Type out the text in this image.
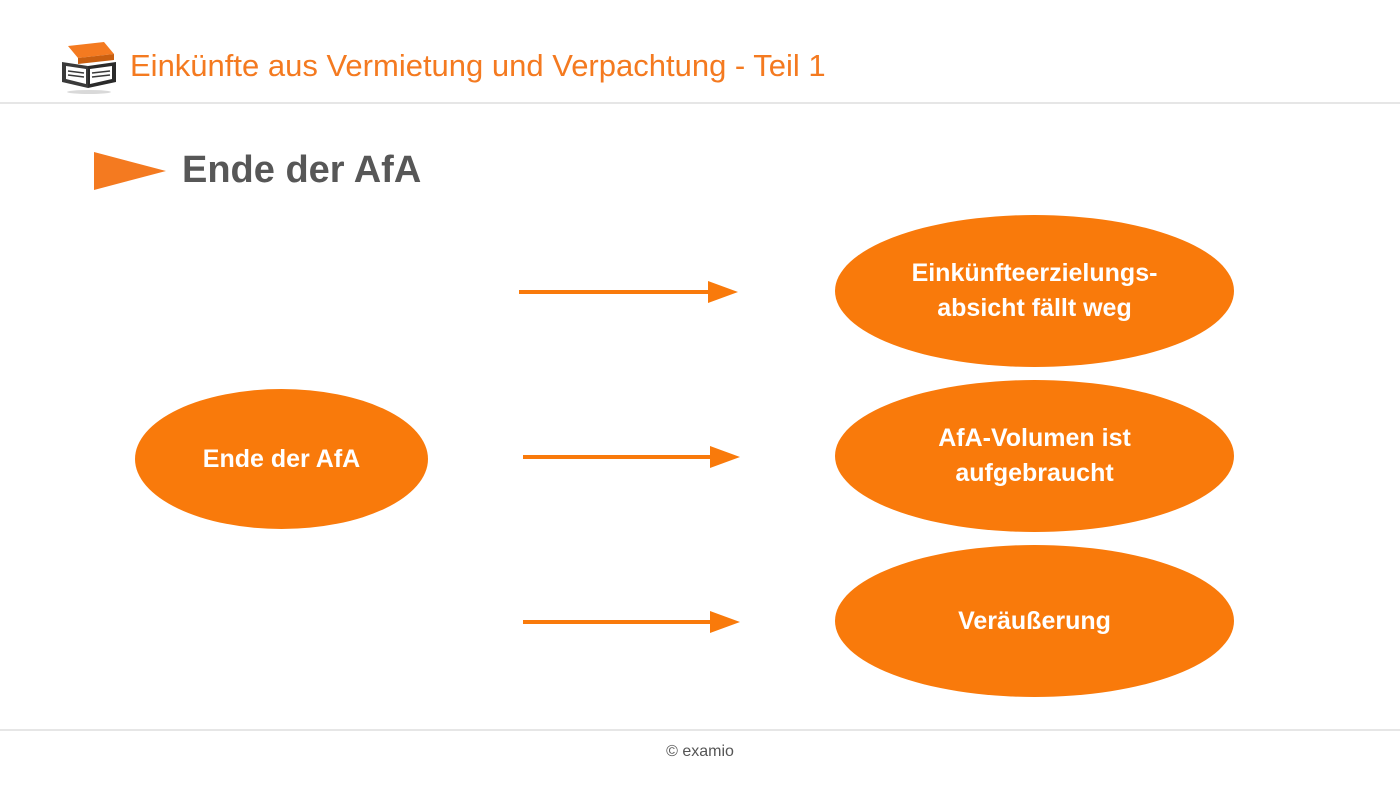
Einkünfte aus Vermietung und Verpachtung - Teil 1
Ende der AfA
Ende der AfA
Einkünfteerzielungs-
absicht fällt weg
AfA-Volumen ist
aufgebraucht
Veräußerung
© examio
